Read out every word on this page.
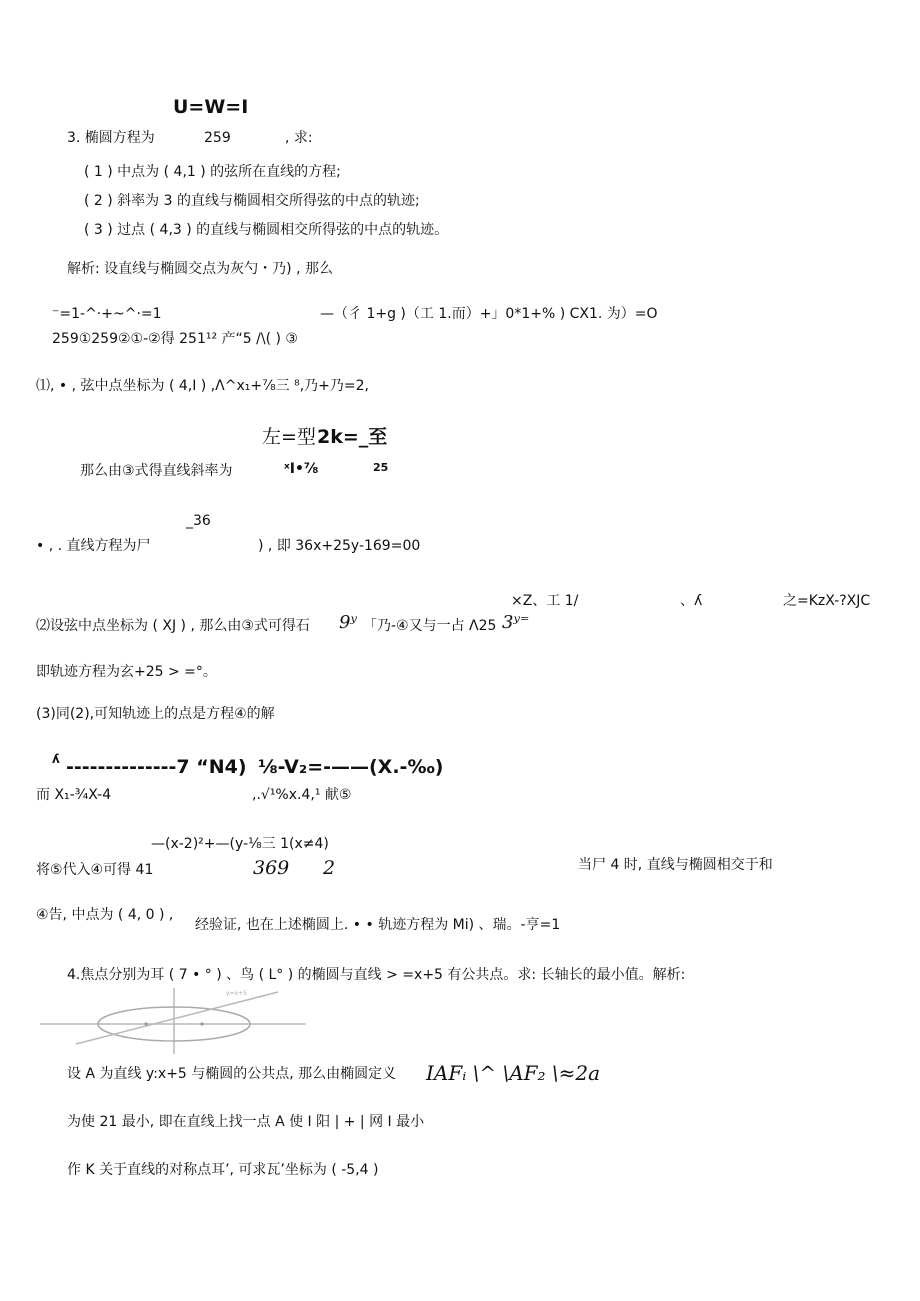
U=W=I
3. 椭圆方程为	259	, 求:
( 1 ) 中点为 ( 4,1 ) 的弦所在直线的方程;
( 2 ) 斜率为 3 的直线与椭圆相交所得弦的中点的轨迹;
( 3 ) 过点 ( 4,3 ) 的直线与椭圆相交所得弦的中点的轨迹。
解析: 设直线与椭圆交点为灰勺・乃) , 那么
⁻=1-^·+~^·=1	—（彳 1+g )（工 1.而）+」0*1+% ) CX1. 为）=O
259①259②①-②得 251¹² 产“5 /\( ) ③
⑴, • , 弦中点坐标为 ( 4,I ) ,Λ^x₁+⅞三 ⁸,乃+乃=2,
左=型 2k=_至
那么由③式得直线斜率为	ˣI•⅞	25
_36
• , . 直线方程为尸	) , 即 36x+25y-169=00
×Z、工 1/	、ʎ	之=KzX-?XJC
⑵设弦中点坐标为 ( XJ ) , 那么由③式可得石 9ʸ 「乃-④又与一占 Λ25 3ʸ⁼
即轨迹方程为玄+25 > =°。
(3)同(2),可知轨迹上的点是方程④的解
ʎ --------------7 “N4) ⅛-V₂=-——(X.-‰)
而 X₁-¾X-4	,.√¹%x.4,¹ 献⑤
—(x-2)²+—(y-⅛三 1(x≠4)
将⑤代入④可得 41	369 2	当尸 4 时, 直线与椭圆相交于和
④告, 中点为 ( 4, 0 ) ,
经验证, 也在上述椭圆上. • • 轨迹方程为 Mi) 、瑞。-亨=1
4.焦点分别为耳 ( 7 • ° ) 、鸟 ( L° ) 的椭圆与直线 > =x+5 有公共点。求: 长轴长的最小值。解析:
y=x+5
设 A 为直线 y:x+5 与椭圆的公共点, 那么由椭圆定义 IAFᵢ \^ \AF₂ \≈2a
为使 21 最小, 即在直线上找一点 A 使 I 阳 | + | 网 I 最小
作 K 关于直线的对称点耳’, 可求瓦’坐标为 ( -5,4 )
